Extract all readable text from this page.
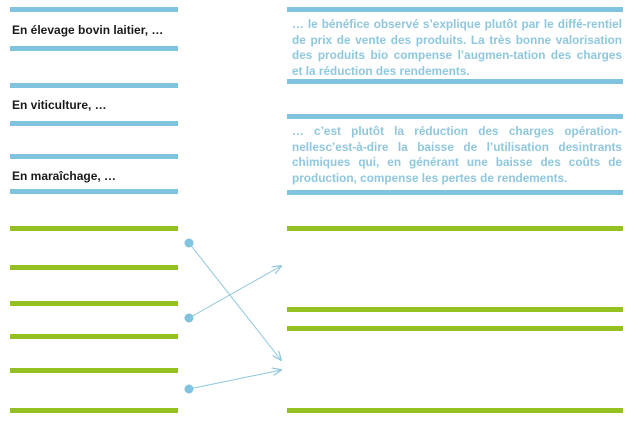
En élevage bovin laitier, …
En viticulture, …
En maraîchage, …
… le bénéfice observé s’explique plutôt par le diffé-rentiel de prix de vente des produits. La très bonne valorisation des produits bio compense l’augmen-tation des charges et la réduction des rendements.
… c’est plutôt la réduction des charges opération-nellesc’est-à-dire la baisse de l’utilisation desintrants chimiques qui, en générant une baisse des coûts de production, compense les pertes de rendements.
